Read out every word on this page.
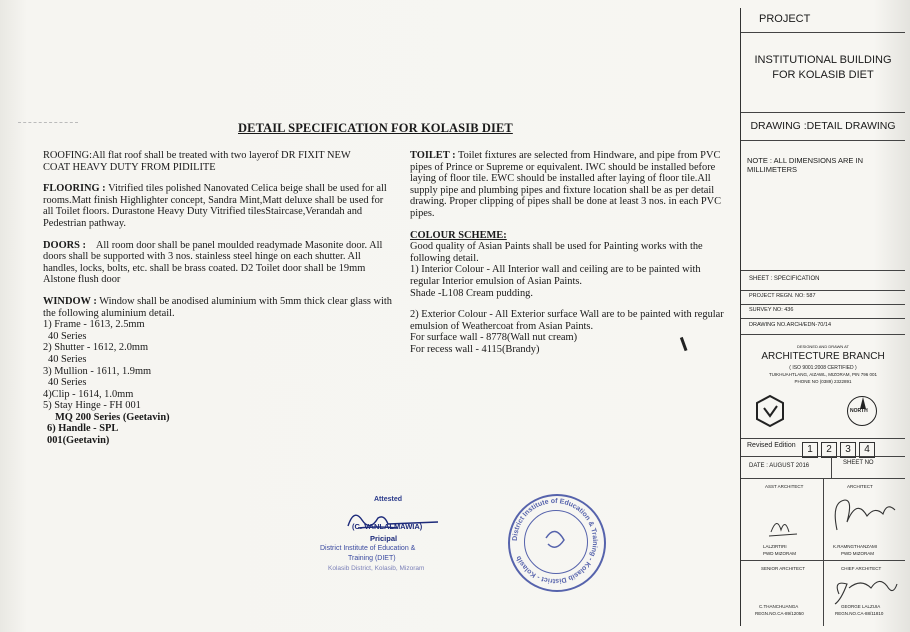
DETAIL SPECIFICATION FOR KOLASIB DIET

ROOFING:All flat roof shall be treated with two layerof DR FIXIT NEW COAT HEAVY DUTY FROM PIDILITE

FLOORING : Vitrified tiles polished Nanovated Celica beige shall be used for all rooms.Matt finish Highlighter concept, Sandra Mint,Matt deluxe shall be used for all Toilet floors. Durastone Heavy Duty Vitrified tilesStaircase,Verandah and Pedestrian pathway.

DOORS : All room door shall be panel moulded readymade Masonite door. All doors shall be supported with 3 nos. stainless steel hinge on each shutter. All handles, locks, bolts, etc. shall be brass coated. D2 Toilet door shall be 19mm Alstone flush door

WINDOW : Window shall be anodised aluminium with 5mm thick clear glass with the following aluminium detail.

1) Frame - 1613, 2.5mm

40 Series

2) Shutter - 1612, 2.0mm

40 Series

3) Mullion - 1611, 1.9mm

40 Series

4)Clip - 1614, 1.0mm

5) Stay Hinge - FH 001

MQ 200 Series (Geetavin)

6) Handle - SPL

001(Geetavin)

TOILET : Toilet fixtures are selected from Hindware, and pipe from PVC pipes of Prince or Supreme or equivalent. IWC should be installed before laying of floor tile. EWC should be installed after laying of floor tile.All supply pipe and plumbing pipes and fixture location shall be as per detail drawing. Proper clipping of pipes shall be done at least 3 nos. in each PVC pipes.

COLOUR SCHEME:

Good quality of Asian Paints shall be used for Painting works with the following detail.

1) Interior Colour - All Interior wall and ceiling are to be painted with regular Interior emulsion of Asian Paints.

Shade -L108 Cream pudding.

2) Exterior Colour - All Exterior surface Wall are to be painted with regular emulsion of Weathercoat from Asian Paints.

For surface wall - 8778(Wall nut cream)

For recess wall - 4115(Brandy)

Attested
(C. VANLALMAWIA)
Pricipal
District Institute of Education &
Training (DIET)
Kolasib District, Kolasib, Mizoram
District Institute of Education & Training - Kolasib District - Kolasib
PROJECT
INSTITUTIONAL BUILDING
FOR KOLASIB DIET
DRAWING :DETAIL DRAWING
NOTE : ALL DIMENSIONS ARE IN MILLIMETERS
SHEET : SPECIFICATION
PROJECT REGN. NO: 587
SURVEY NO: 436
DRAWING NO.ARCH/EDN-70/14
DESIGNED AND DRAWN AT
ARCHITECTURE BRANCH
( ISO 9001:2008 CERTIFIED )
TUIKHUAHTLANG, AIZAWL, MIZORAM, PIN 796 001
PHONE NO (0389) 2322891
NORTH
Revised Edition	1 2 3 4
DATE : AUGUST 2016	SHEET NO
ASST ARCHITECT	ARCHITECT
LALZIRTIRI
PWD MIZORAM
K.RAMNGTHANZAMI
PWD MIZORAM
SENIOR ARCHITECT	CHIEF ARCHITECT
C.THANCHUANGA
REGN.NO.CA-89/12050
GEORGE LALZUIA
REGN.NO.CA-88/11810
